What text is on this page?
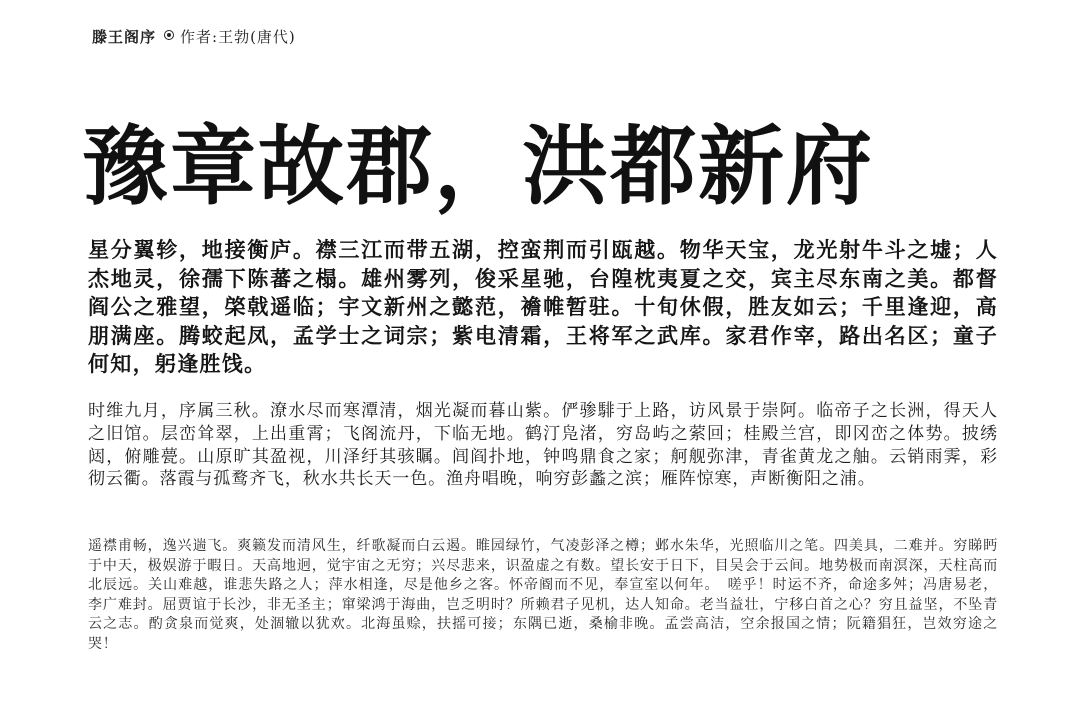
滕王阁序 作者:王勃(唐代)
豫章故郡，洪都新府

星分翼轸，地接衡庐。襟三江而带五湖，控蛮荆而引瓯越。物华天宝，龙光射牛斗之墟；人杰地灵，徐孺下陈蕃之榻。雄州雾列，俊采星驰，台隍枕夷夏之交，宾主尽东南之美。都督阎公之雅望，棨戟遥临；宇文新州之懿范，襜帷暂驻。十旬休假，胜友如云；千里逢迎，高朋满座。腾蛟起凤，孟学士之词宗；紫电清霜，王将军之武库。家君作宰，路出名区；童子何知，躬逢胜饯。

时维九月，序属三秋。潦水尽而寒潭清，烟光凝而暮山紫。俨骖騑于上路，访风景于崇阿。临帝子之长洲，得天人之旧馆。层峦耸翠，上出重霄；飞阁流丹，下临无地。鹤汀凫渚，穷岛屿之萦回；桂殿兰宫，即冈峦之体势。披绣闼，俯雕甍。山原旷其盈视，川泽纡其骇瞩。闾阎扑地，钟鸣鼎食之家；舸舰弥津，青雀黄龙之舳。云销雨霁，彩彻云衢。落霞与孤鹜齐飞，秋水共长天一色。渔舟唱晚，响穷彭蠡之滨；雁阵惊寒，声断衡阳之浦。

遥襟甫畅，逸兴遄飞。爽籁发而清风生，纤歌凝而白云遏。睢园绿竹，气凌彭泽之樽；邺水朱华，光照临川之笔。四美具，二难并。穷睇眄于中天，极娱游于暇日。天高地迥，觉宇宙之无穷；兴尽悲来，识盈虚之有数。望长安于日下，目吴会于云间。地势极而南溟深，天柱高而北辰远。关山难越，谁悲失路之人；萍水相逢，尽是他乡之客。怀帝阍而不见，奉宣室以何年。　嗟乎！时运不齐，命途多舛；冯唐易老，李广难封。屈贾谊于长沙，非无圣主；窜梁鸿于海曲，岂乏明时？所赖君子见机，达人知命。老当益壮，宁移白首之心？穷且益坚，不坠青云之志。酌贪泉而觉爽，处涸辙以犹欢。北海虽赊，扶摇可接；东隅已逝，桑榆非晚。孟尝高洁，空余报国之情；阮籍猖狂，岂效穷途之哭！
